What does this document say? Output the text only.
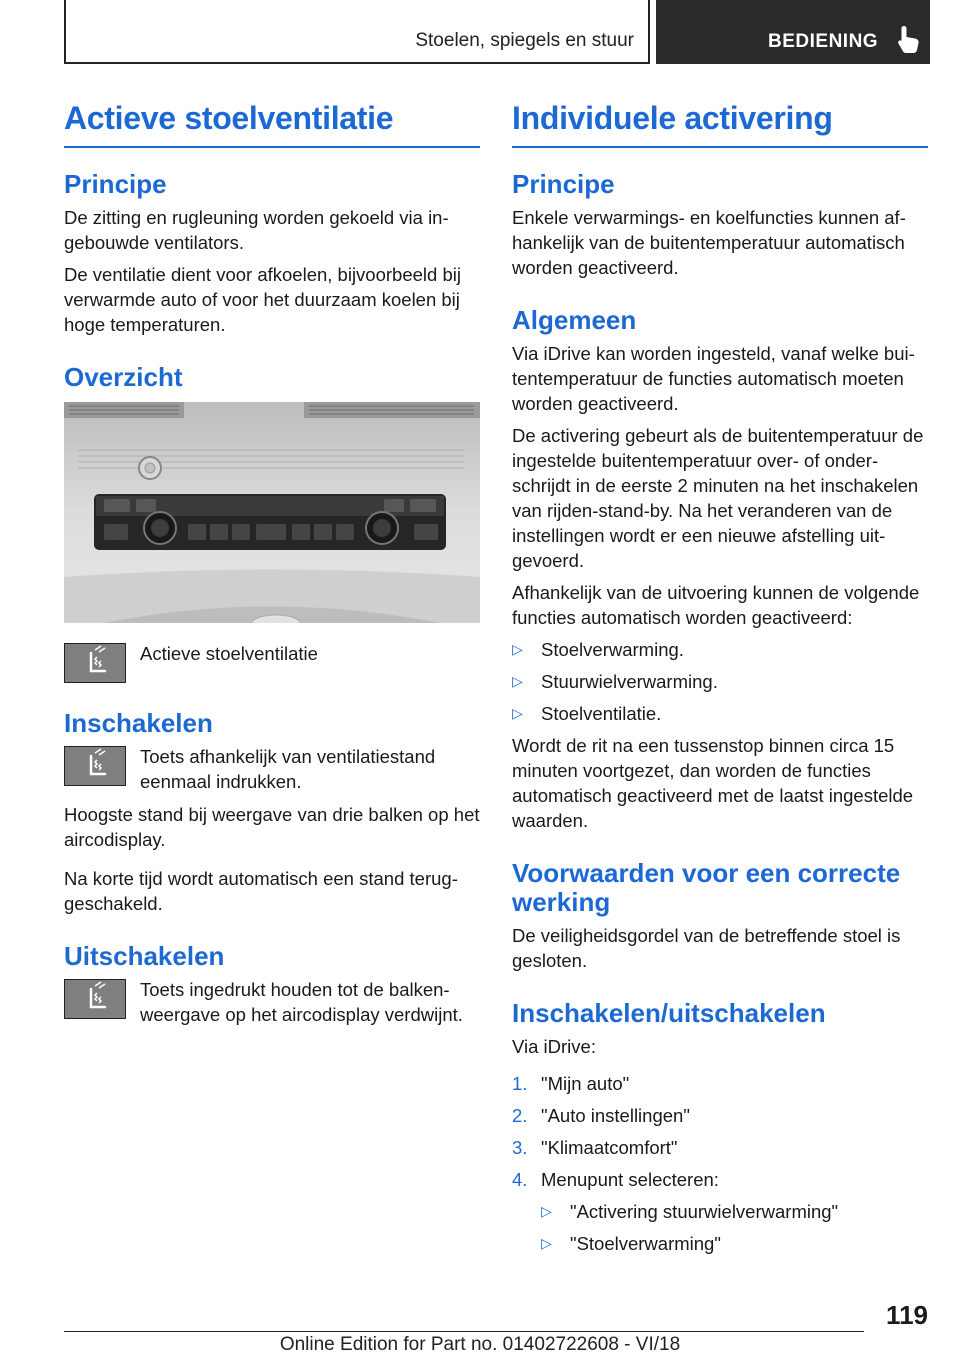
Stoelen, spiegels en stuur	BEDIENING
Actieve stoelventilatie
Principe

De zitting en rugleuning worden gekoeld via ingebouwde ventilators.

De ventilatie dient voor afkoelen, bijvoorbeeld bij verwarmde auto of voor het duurzaam koelen bij hoge temperaturen.

Overzicht
Actieve stoelventilatie
Inschakelen
Toets afhankelijk van ventilatiestand eenmaal indrukken.

Hoogste stand bij weergave van drie balken op het aircodisplay.

Na korte tijd wordt automatisch een stand teruggeschakeld.

Uitschakelen
Toets ingedrukt houden tot de balkenweergave op het aircodisplay verdwijnt.
Individuele activering
Principe

Enkele verwarmings- en koelfuncties kunnen afhankelijk van de buitentemperatuur automatisch worden geactiveerd.

Algemeen

Via iDrive kan worden ingesteld, vanaf welke buitentemperatuur de functies automatisch moeten worden geactiveerd.

De activering gebeurt als de buitentemperatuur de ingestelde buitentemperatuur over- of onderschrijdt in de eerste 2 minuten na het inschakelen van rijden-stand-by. Na het veranderen van de instellingen wordt er een nieuwe afstelling uitgevoerd.

Afhankelijk van de uitvoering kunnen de volgende functies automatisch worden geactiveerd:

▷ Stoelverwarming.
▷ Stuurwielverwarming.
▷ Stoelventilatie.

Wordt de rit na een tussenstop binnen circa 15 minuten voortgezet, dan worden de functies automatisch geactiveerd met de laatst ingestelde waarden.

Voorwaarden voor een correcte werking

De veiligheidsgordel van de betreffende stoel is gesloten.

Inschakelen/uitschakelen

Via iDrive:

1. "Mijn auto"
2. "Auto instellingen"
3. "Klimaatcomfort"
4. Menupunt selecteren:
▷ "Activering stuurwielverwarming"
▷ "Stoelverwarming"
119
Online Edition for Part no. 01402722608 - VI/18
